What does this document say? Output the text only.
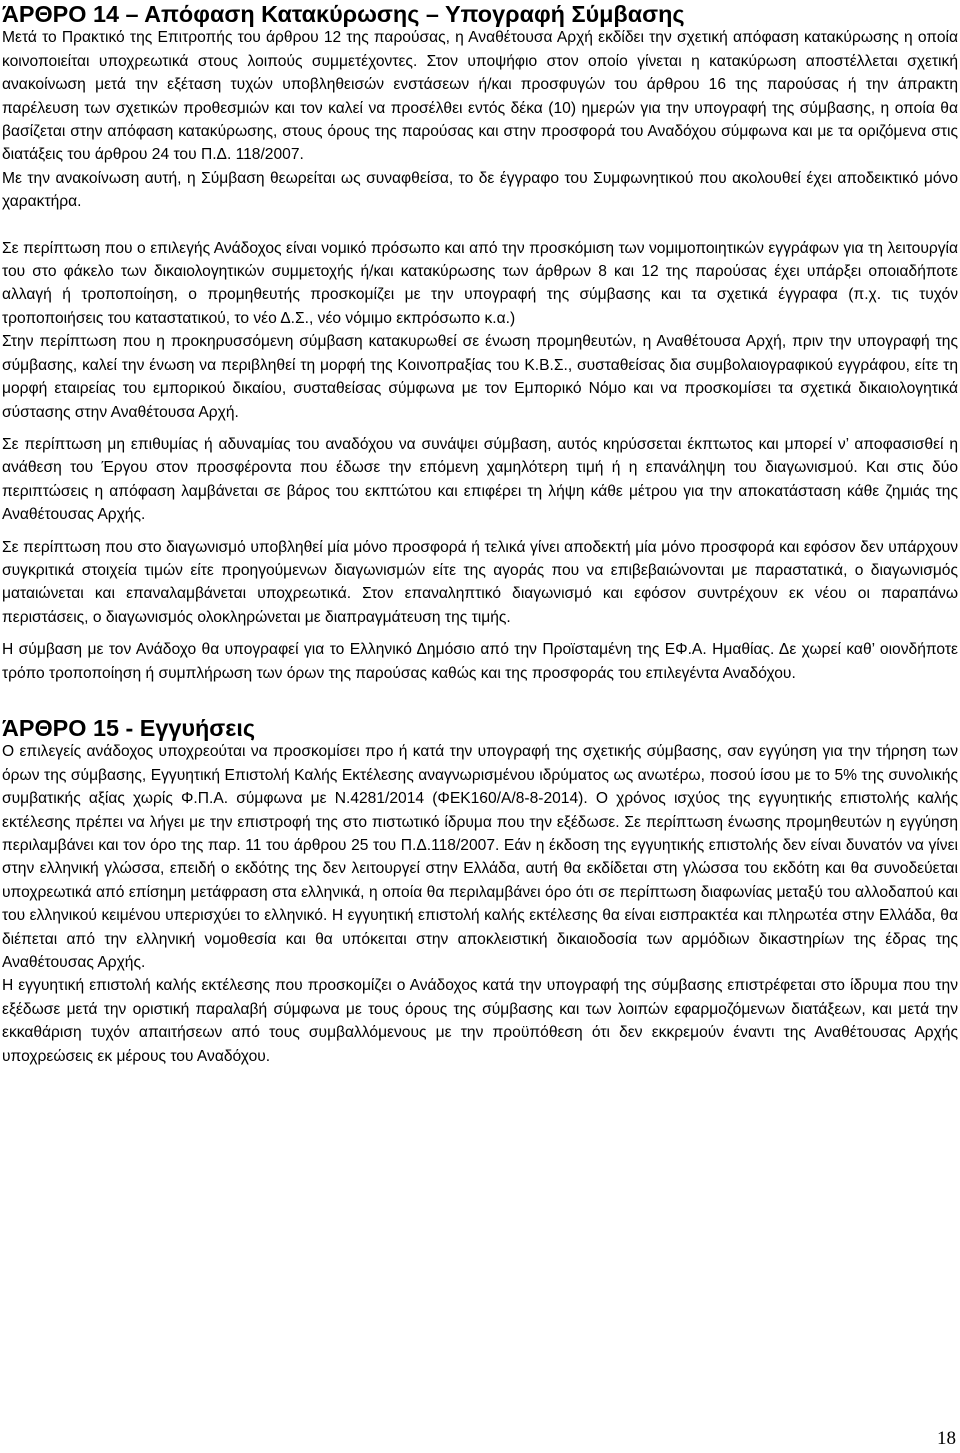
ΆΡΘΡΟ 14 – Απόφαση Κατακύρωσης – Υπογραφή Σύμβασης

Μετά το Πρακτικό της Επιτροπής του άρθρου 12 της παρούσας, η Αναθέτουσα Αρχή εκδίδει την σχετική απόφαση κατακύρωσης η οποία κοινοποιείται υποχρεωτικά στους λοιπούς συμμετέχοντες. Στον υποψήφιο στον οποίο γίνεται η κατακύρωση αποστέλλεται σχετική ανακοίνωση μετά την εξέταση τυχών υποβληθεισών ενστάσεων ή/και προσφυγών του άρθρου 16 της παρούσας ή την άπρακτη παρέλευση των σχετικών προθεσμιών και τον καλεί να προσέλθει εντός δέκα (10) ημερών για την υπογραφή της σύμβασης, η οποία θα βασίζεται στην απόφαση κατακύρωσης, στους όρους της παρούσας και στην προσφορά του Αναδόχου σύμφωνα και με τα οριζόμενα στις διατάξεις του άρθρου 24 του Π.Δ. 118/2007.

Με την ανακοίνωση αυτή, η Σύμβαση θεωρείται ως συναφθείσα, το δε έγγραφο του Συμφωνητικού που ακολουθεί έχει αποδεικτικό μόνο χαρακτήρα.

Σε περίπτωση που ο επιλεγής Ανάδοχος είναι νομικό πρόσωπο και από την προσκόμιση των νομιμοποιητικών εγγράφων για τη λειτουργία του στο φάκελο των δικαιολογητικών συμμετοχής ή/και κατακύρωσης των άρθρων 8 και 12 της παρούσας έχει υπάρξει οποιαδήποτε αλλαγή ή τροποποίηση, ο προμηθευτής προσκομίζει με την υπογραφή της σύμβασης και τα σχετικά έγγραφα (π.χ. τις τυχόν τροποποιήσεις του καταστατικού, το νέο Δ.Σ., νέο νόμιμο εκπρόσωπο κ.α.)

Στην περίπτωση που η προκηρυσσόμενη σύμβαση κατακυρωθεί σε ένωση προμηθευτών, η Αναθέτουσα Αρχή, πριν την υπογραφή της σύμβασης, καλεί την ένωση να περιβληθεί τη μορφή της Κοινοπραξίας του Κ.Β.Σ., συσταθείσας δια συμβολαιογραφικού εγγράφου, είτε τη μορφή εταιρείας του εμπορικού δικαίου, συσταθείσας σύμφωνα με τον Εμπορικό Νόμο και να προσκομίσει τα σχετικά δικαιολογητικά σύστασης στην Αναθέτουσα Αρχή.

Σε περίπτωση μη επιθυμίας ή αδυναμίας του αναδόχου να συνάψει σύμβαση, αυτός κηρύσσεται έκπτωτος και μπορεί ν’ αποφασισθεί η ανάθεση του Έργου στον προσφέροντα που έδωσε την επόμενη χαμηλότερη τιμή ή η επανάληψη του διαγωνισμού. Και στις δύο περιπτώσεις η απόφαση λαμβάνεται σε βάρος του εκπτώτου και επιφέρει τη λήψη κάθε μέτρου για την αποκατάσταση κάθε ζημιάς της Αναθέτουσας Αρχής.

Σε περίπτωση που στο διαγωνισμό υποβληθεί μία μόνο προσφορά ή τελικά γίνει αποδεκτή μία μόνο προσφορά και εφόσον δεν υπάρχουν συγκριτικά στοιχεία τιμών είτε προηγούμενων διαγωνισμών είτε της αγοράς που να επιβεβαιώνονται με παραστατικά, ο διαγωνισμός ματαιώνεται και επαναλαμβάνεται υποχρεωτικά. Στον επαναληπτικό διαγωνισμό και εφόσον συντρέχουν εκ νέου οι παραπάνω περιστάσεις, ο διαγωνισμός ολοκληρώνεται με διαπραγμάτευση της τιμής.

Η σύμβαση με τον Ανάδοχο θα υπογραφεί για το Ελληνικό Δημόσιο από την Προϊσταμένη της ΕΦ.Α. Ημαθίας. Δε χωρεί καθ’ οιονδήποτε τρόπο τροποποίηση ή συμπλήρωση των όρων της παρούσας καθώς και της προσφοράς του επιλεγέντα Αναδόχου.

ΆΡΘΡΟ 15 - Εγγυήσεις

Ο επιλεγείς ανάδοχος υποχρεούται να προσκομίσει προ ή κατά την υπογραφή της σχετικής σύμβασης, σαν εγγύηση για την τήρηση των όρων της σύμβασης, Εγγυητική Επιστολή Καλής Εκτέλεσης αναγνωρισμένου ιδρύματος ως ανωτέρω, ποσού ίσου με το 5% της συνολικής συμβατικής αξίας χωρίς Φ.Π.Α. σύμφωνα με Ν.4281/2014 (ΦΕΚ160/Α/8-8-2014). Ο χρόνος ισχύος της εγγυητικής επιστολής καλής εκτέλεσης πρέπει να λήγει με την επιστροφή της στο πιστωτικό ίδρυμα που την εξέδωσε. Σε περίπτωση ένωσης προμηθευτών η εγγύηση περιλαμβάνει και τον όρο της παρ. 11 του άρθρου 25 του Π.Δ.118/2007. Εάν η έκδοση της εγγυητικής επιστολής δεν είναι δυνατόν να γίνει στην ελληνική γλώσσα, επειδή ο εκδότης της δεν λειτουργεί στην Ελλάδα, αυτή θα εκδίδεται στη γλώσσα του εκδότη και θα συνοδεύεται υποχρεωτικά από επίσημη μετάφραση στα ελληνικά, η οποία θα περιλαμβάνει όρο ότι σε περίπτωση διαφωνίας μεταξύ του αλλοδαπού και του ελληνικού κειμένου υπερισχύει το ελληνικό. Η εγγυητική επιστολή καλής εκτέλεσης θα είναι εισπρακτέα και πληρωτέα στην Ελλάδα, θα διέπεται από την ελληνική νομοθεσία και θα υπόκειται στην αποκλειστική δικαιοδοσία των αρμόδιων δικαστηρίων της έδρας της Αναθέτουσας Αρχής.

Η εγγυητική επιστολή καλής εκτέλεσης που προσκομίζει ο Ανάδοχος κατά την υπογραφή της σύμβασης επιστρέφεται στο ίδρυμα που την εξέδωσε μετά την οριστική παραλαβή σύμφωνα με τους όρους της σύμβασης και των λοιπών εφαρμοζόμενων διατάξεων, και μετά την εκκαθάριση τυχόν απαιτήσεων από τους συμβαλλόμενους με την προϋπόθεση ότι δεν εκκρεμούν έναντι της Αναθέτουσας Αρχής υποχρεώσεις εκ μέρους του Αναδόχου.

18
